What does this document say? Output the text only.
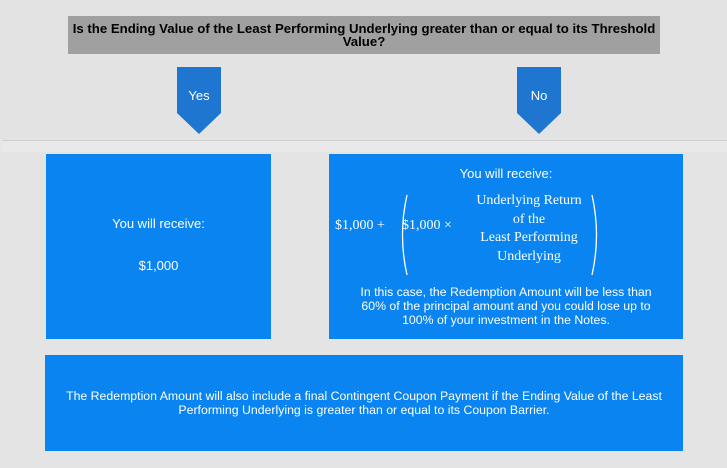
Is the Ending Value of the Least Performing Underlying greater than or equal to its Threshold Value?
Yes	No
You will receive:
$1,000
You will receive:
$1,000 + $1,000 ×
Underlying Return
of the
Least Performing
Underlying
In this case, the Redemption Amount will be less than 60% of the principal amount and you could lose up to 100% of your investment in the Notes.
The Redemption Amount will also include a final Contingent Coupon Payment if the Ending Value of the Least Performing Underlying is greater than or equal to its Coupon Barrier.
